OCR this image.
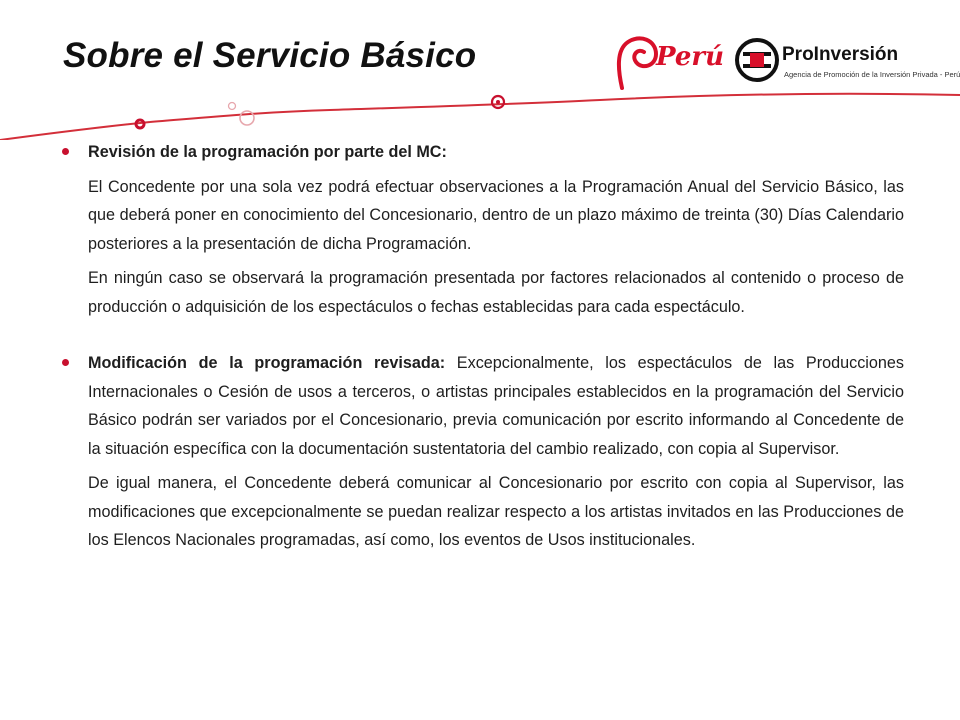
Sobre el Servicio Básico	Perú	ProInversión
Agencia de Promoción de la Inversión Privada - Perú

Revisión de la programación por parte del MC:

El Concedente por una sola vez podrá efectuar observaciones a la Programación Anual del Servicio Básico, las que deberá poner en conocimiento del Concesionario, dentro de un plazo máximo de treinta (30) Días Calendario posteriores a la presentación de dicha Programación.

En ningún caso se observará la programación presentada por factores relacionados al contenido o proceso de producción o adquisición de los espectáculos o fechas establecidas para cada espectáculo.

Modificación de la programación revisada: Excepcionalmente, los espectáculos de las Producciones Internacionales o Cesión de usos a terceros, o artistas principales establecidos en la programación del Servicio Básico podrán ser variados por el Concesionario, previa comunicación por escrito informando al Concedente de la situación específica con la documentación sustentatoria del cambio realizado, con copia al Supervisor.

De igual manera, el Concedente deberá comunicar al Concesionario por escrito con copia al Supervisor, las modificaciones que excepcionalmente se puedan realizar respecto a los artistas invitados en las Producciones de los Elencos Nacionales programadas, así como, los eventos de Usos institucionales.
